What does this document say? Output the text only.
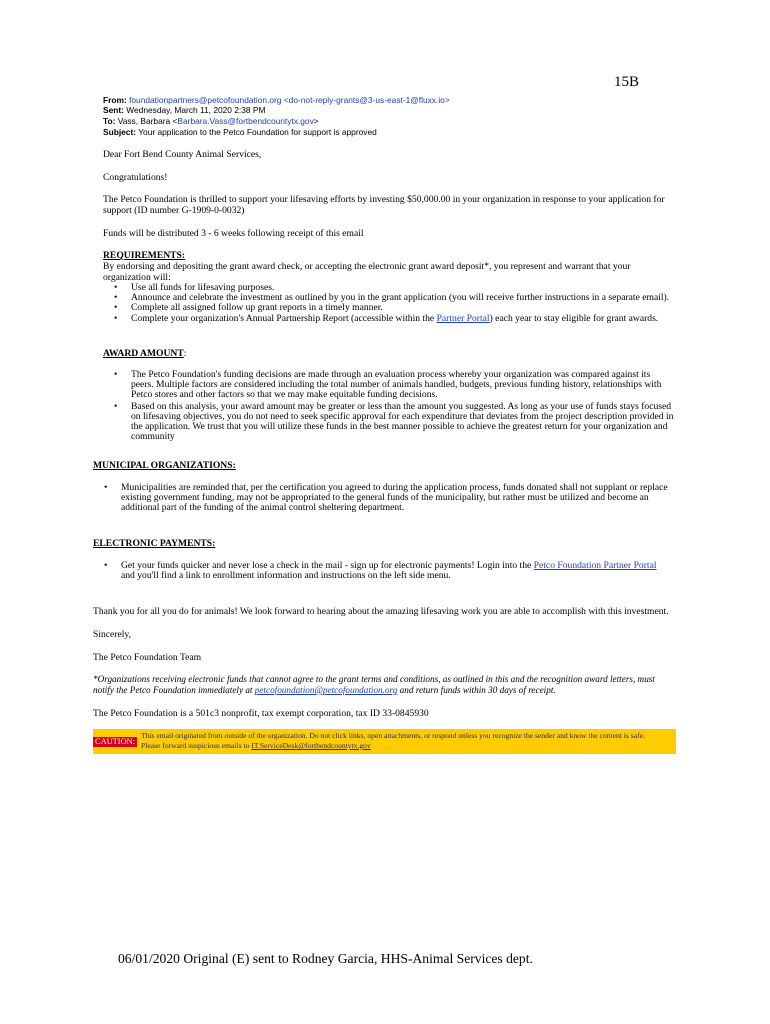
15B
From: foundationpartners@petcofoundation.org <do-not-reply-grants@3-us-east-1@fluxx.io>
Sent: Wednesday, March 11, 2020 2:38 PM
To: Vass, Barbara <Barbara.Vass@fortbendcountytx.gov>
Subject: Your application to the Petco Foundation for support is approved
Dear Fort Bend County Animal Services,
Congratulations!
The Petco Foundation is thrilled to support your lifesaving efforts by investing $50,000.00 in your organization in response to your application for support (ID number G-1909-0-0032)
Funds will be distributed 3 - 6 weeks following receipt of this email
REQUIREMENTS:
By endorsing and depositing the grant award check, or accepting the electronic grant award deposit*, you represent and warrant that your organization will:
• Use all funds for lifesaving purposes.
• Announce and celebrate the investment as outlined by you in the grant application (you will receive further instructions in a separate email).
• Complete all assigned follow up grant reports in a timely manner.
• Complete your organization's Annual Partnership Report (accessible within the Partner Portal) each year to stay eligible for grant awards.
AWARD AMOUNT:
• The Petco Foundation's funding decisions are made through an evaluation process whereby your organization was compared against its peers. Multiple factors are considered including the total number of animals handled, budgets, previous funding history, relationships with Petco stores and other factors so that we may make equitable funding decisions.
• Based on this analysis, your award amount may be greater or less than the amount you suggested. As long as your use of funds stays focused on lifesaving objectives, you do not need to seek specific approval for each expenditure that deviates from the project description provided in the application. We trust that you will utilize these funds in the best manner possible to achieve the greatest return for your organization and community
MUNICIPAL ORGANIZATIONS:
• Municipalities are reminded that, per the certification you agreed to during the application process, funds donated shall not supplant or replace existing government funding, may not be appropriated to the general funds of the municipality, but rather must be utilized and become an additional part of the funding of the animal control sheltering department.
ELECTRONIC PAYMENTS:
• Get your funds quicker and never lose a check in the mail - sign up for electronic payments! Login into the Petco Foundation Partner Portal and you'll find a link to enrollment information and instructions on the left side menu.
Thank you for all you do for animals! We look forward to hearing about the amazing lifesaving work you are able to accomplish with this investment.
Sincerely,
The Petco Foundation Team
*Organizations receiving electronic funds that cannot agree to the grant terms and conditions, as outlined in this and the recognition award letters, must notify the Petco Foundation immediately at petcofoundation@petcofoundation.org and return funds within 30 days of receipt.
The Petco Foundation is a 501c3 nonprofit, tax exempt corporation, tax ID 33-0845930
CAUTION:
This email originated from outside of the organization. Do not click links, open attachments, or respond unless you recognize the sender and know the content is safe.
Please forward suspicious emails to IT.ServiceDesk@fortbendcountytx.gov
06/01/2020 Original (E) sent to Rodney Garcia, HHS-Animal Services dept.
